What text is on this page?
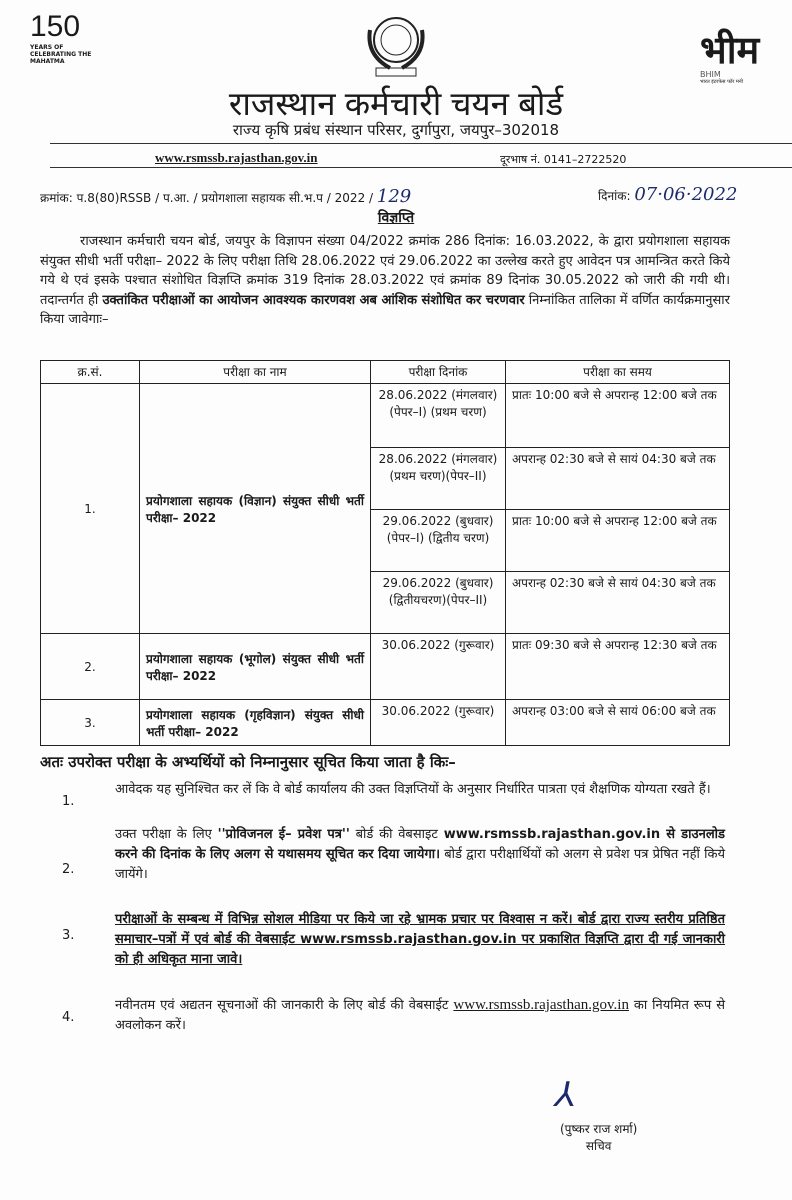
150
YEARS OF CELEBRATING THE MAHATMA	भीम
BHIM
भारत इंटरफेस फॉर मनी
राजस्थान कर्मचारी चयन बोर्ड
राज्य कृषि प्रबंध संस्थान परिसर, दुर्गापुरा, जयपुर–302018
www.rsmssb.rajasthan.gov.in	दूरभाष नं. 0141–2722520
क्रमांक: प.8(80)RSSB / प.आ. / प्रयोगशाला सहायक सी.भ.प / 2022 / 129	दिनांक: 07·06·2022
विज्ञप्ति
राजस्थान कर्मचारी चयन बोर्ड, जयपुर के विज्ञापन संख्या 04/2022 क्रमांक 286 दिनांक: 16.03.2022, के द्वारा प्रयोगशाला सहायक संयुक्त सीधी भर्ती परीक्षा– 2022 के लिए परीक्षा तिथि 28.06.2022 एवं 29.06.2022 का उल्लेख करते हुए आवेदन पत्र आमन्त्रित करते किये गये थे एवं इसके पश्चात संशोधित विज्ञप्ति क्रमांक 319 दिनांक 28.03.2022 एवं क्रमांक 89 दिनांक 30.05.2022 को जारी की गयी थी। तदान्तर्गत ही उक्तांकित परीक्षाओं का आयोजन आवश्यक कारणवश अब आंशिक संशोधित कर चरणवार निम्नांकित तालिका में वर्णित कार्यक्रमानुसार किया जावेगाः–
क्र.सं.	परीक्षा का नाम	परीक्षा दिनांक	परीक्षा का समय
1.	प्रयोगशाला सहायक (विज्ञान) संयुक्त सीधी भर्ती परीक्षा– 2022	28.06.2022 (मंगलवार) (पेपर–I) (प्रथम चरण)	प्रातः 10:00 बजे से अपरान्ह 12:00 बजे तक
		28.06.2022 (मंगलवार) (प्रथम चरण)(पेपर–II)	अपरान्ह 02:30 बजे से सायं 04:30 बजे तक
		29.06.2022 (बुधवार) (पेपर–I) (द्वितीय चरण)	प्रातः 10:00 बजे से अपरान्ह 12:00 बजे तक
		29.06.2022 (बुधवार) (द्वितीयचरण)(पेपर–II)	अपरान्ह 02:30 बजे से सायं 04:30 बजे तक
2.	प्रयोगशाला सहायक (भूगोल) संयुक्त सीधी भर्ती परीक्षा– 2022	30.06.2022 (गुरूवार)	प्रातः 09:30 बजे से अपरान्ह 12:30 बजे तक
3.	प्रयोगशाला सहायक (गृहविज्ञान) संयुक्त सीधी भर्ती परीक्षा– 2022	30.06.2022 (गुरूवार)	अपरान्ह 03:00 बजे से सायं 06:00 बजे तक
अतः उपरोक्त परीक्षा के अभ्यर्थियों को निम्नानुसार सूचित किया जाता है किः–
1.
आवेदक यह सुनिश्चित कर लें कि वे बोर्ड कार्यालय की उक्त विज्ञप्तियों के अनुसार निर्धारित पात्रता एवं शैक्षणिक योग्यता रखते हैं।
2.
उक्त परीक्षा के लिए ''प्रोविजनल ई– प्रवेश पत्र'' बोर्ड की वेबसाइट www.rsmssb.rajasthan.gov.in से डाउनलोड करने की दिनांक के लिए अलग से यथासमय सूचित कर दिया जायेगा। बोर्ड द्वारा परीक्षार्थियों को अलग से प्रवेश पत्र प्रेषित नहीं किये जायेंगे।
3.
परीक्षाओं के सम्बन्ध में विभिन्न सोशल मीडिया पर किये जा रहे भ्रामक प्रचार पर विश्वास न करें। बोर्ड द्वारा राज्य स्तरीय प्रतिष्ठित समाचार–पत्रों में एवं बोर्ड की वेबसाईट www.rsmssb.rajasthan.gov.in पर प्रकाशित विज्ञप्ति द्वारा दी गई जानकारी को ही अधिकृत माना जावे।
4.
नवीनतम एवं अद्यतन सूचनाओं की जानकारी के लिए बोर्ड की वेबसाईट www.rsmssb.rajasthan.gov.in का नियमित रूप से अवलोकन करें।
⅄
(पुष्कर राज शर्मा)
सचिव
